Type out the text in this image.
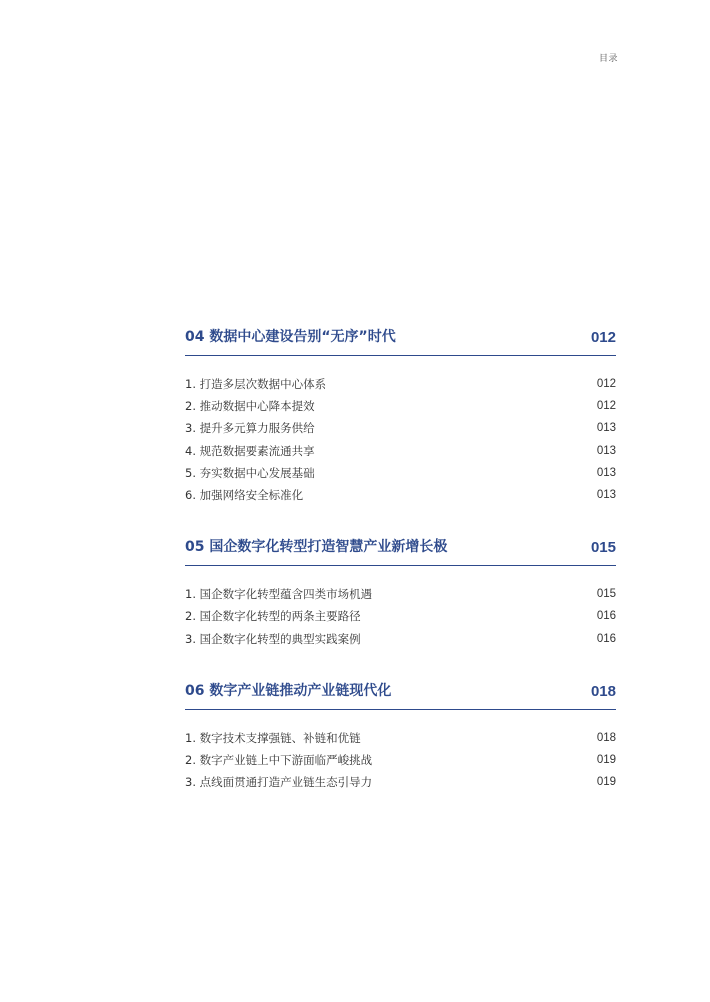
目录
04 数据中心建设告别“无序”时代	012
1. 打造多层次数据中心体系	012
2. 推动数据中心降本提效	012
3. 提升多元算力服务供给	013
4. 规范数据要素流通共享	013
5. 夯实数据中心发展基础	013
6. 加强网络安全标准化	013
05 国企数字化转型打造智慧产业新增长极	015
1. 国企数字化转型蕴含四类市场机遇	015
2. 国企数字化转型的两条主要路径	016
3. 国企数字化转型的典型实践案例	016
06 数字产业链推动产业链现代化	018
1. 数字技术支撑强链、补链和优链	018
2. 数字产业链上中下游面临严峻挑战	019
3. 点线面贯通打造产业链生态引导力	019
